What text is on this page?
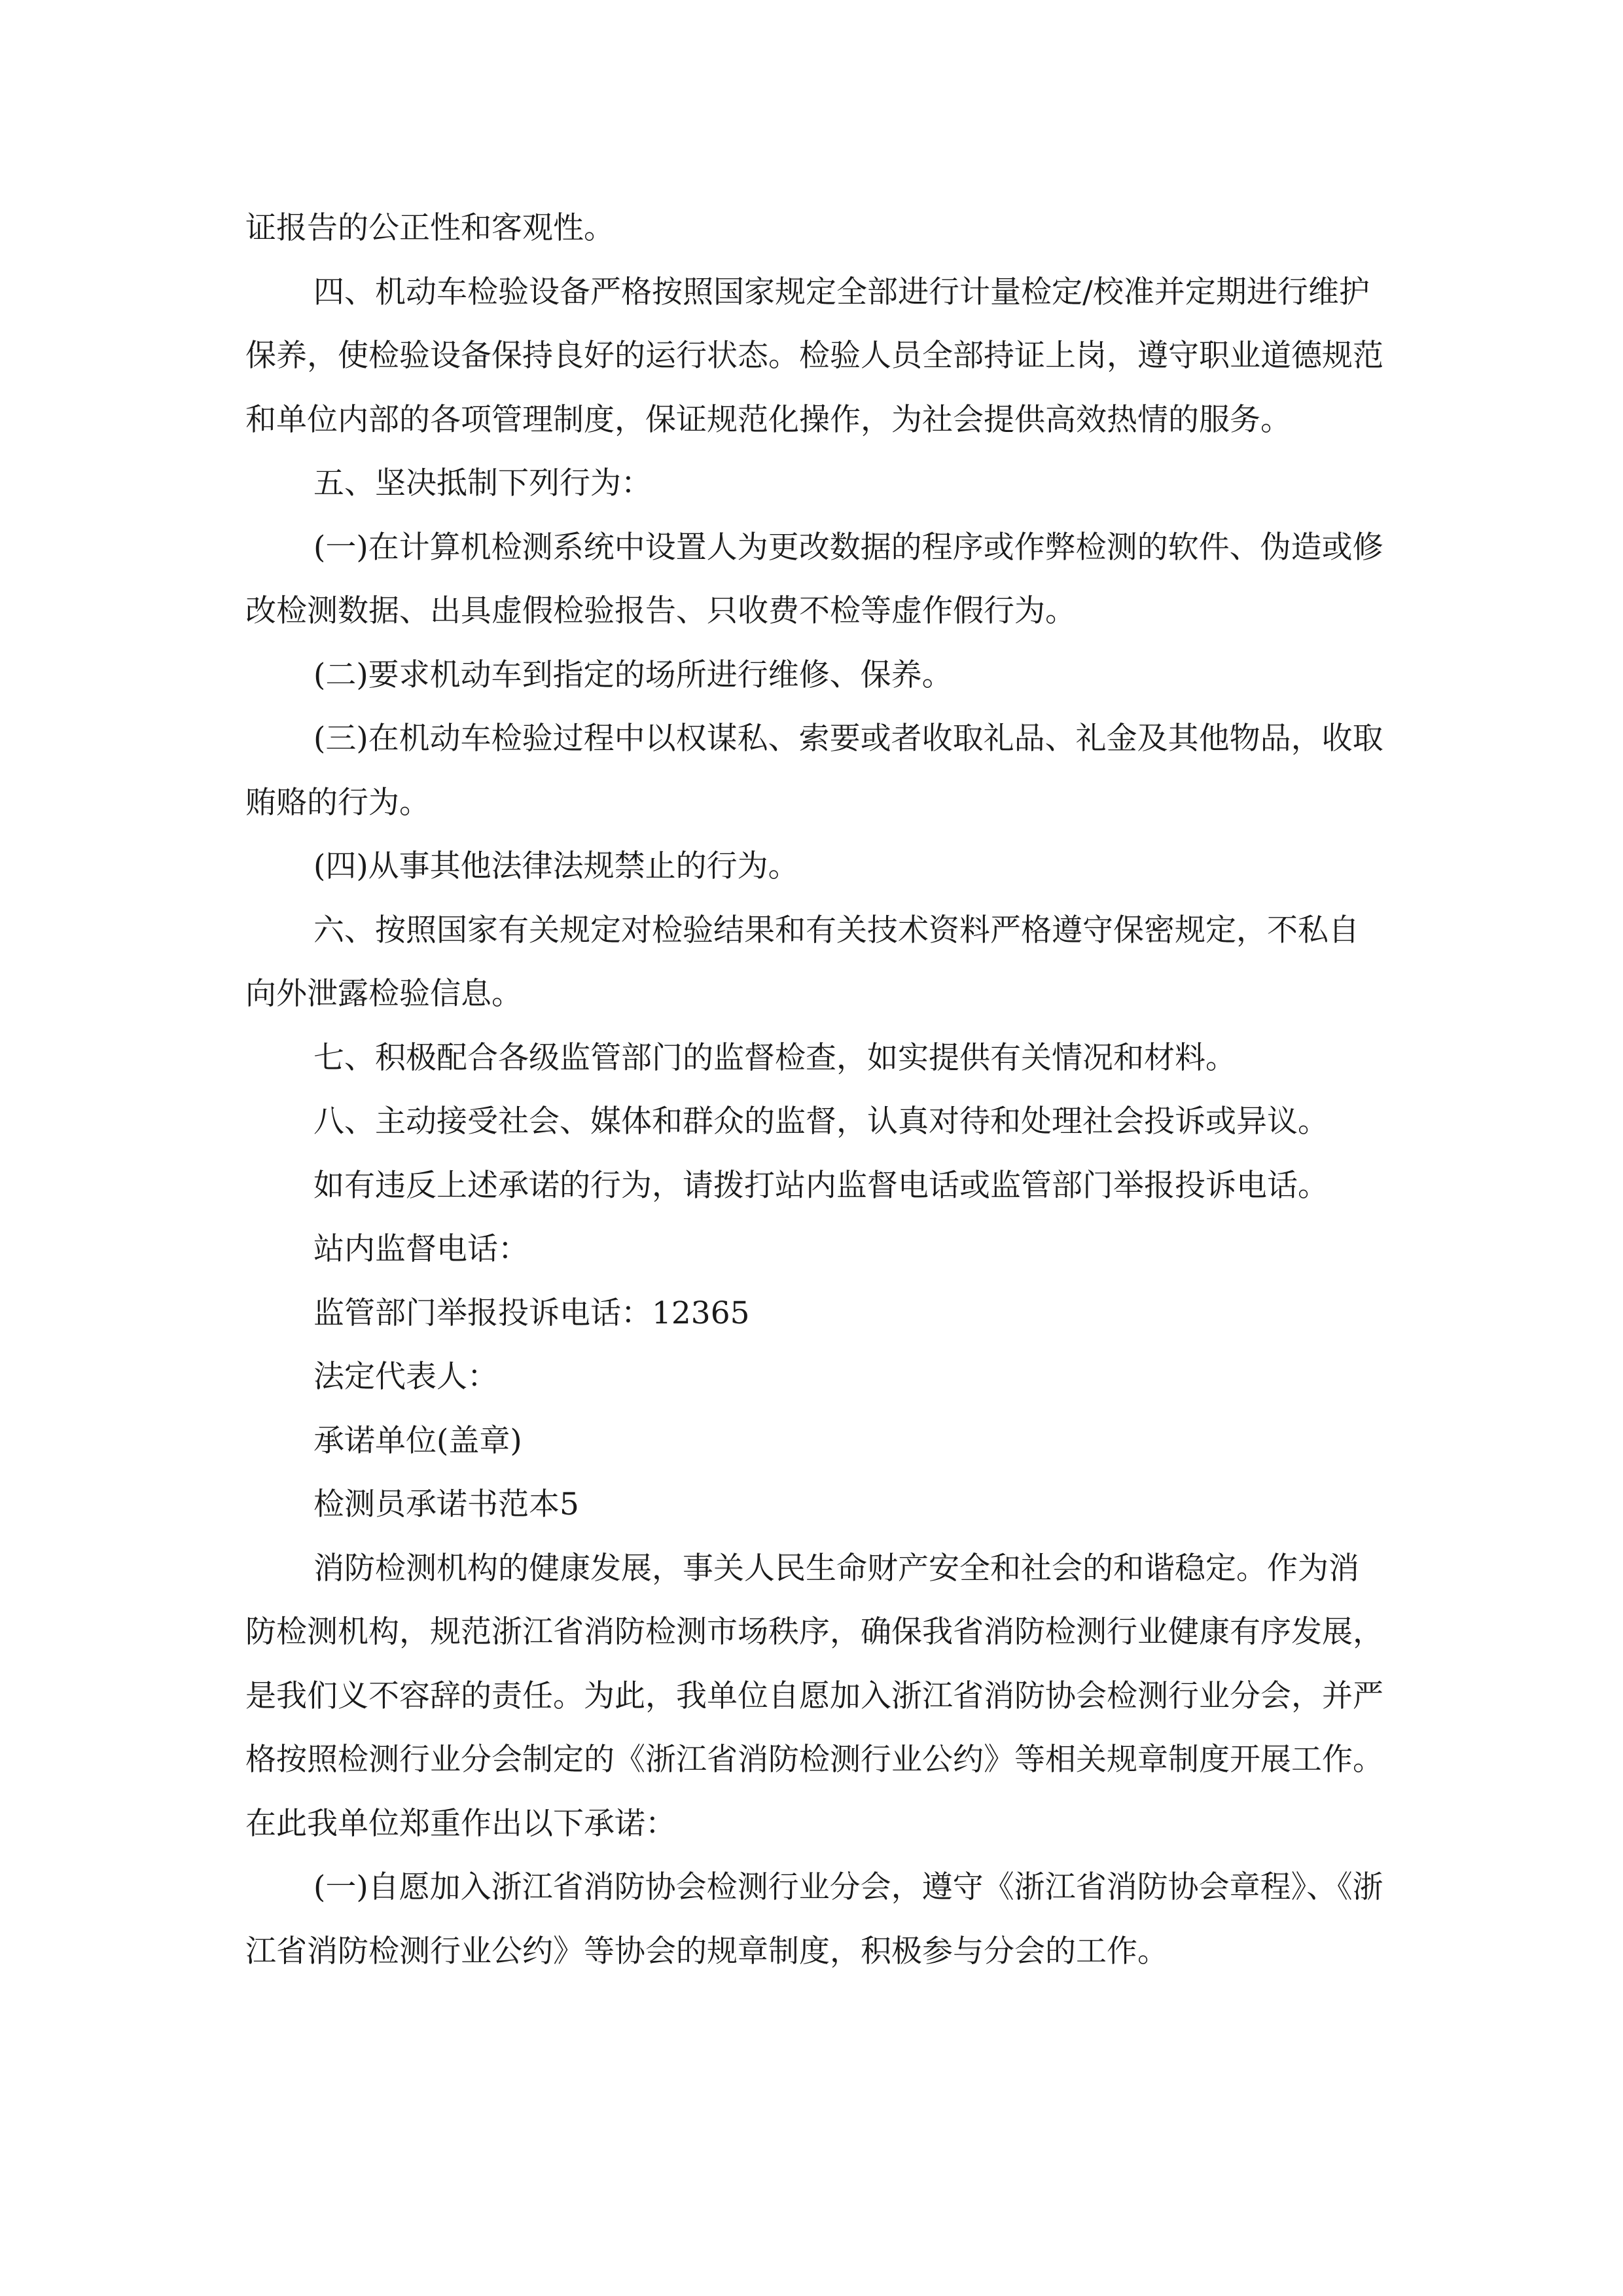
证报告的公正性和客观性。

四、机动车检验设备严格按照国家规定全部进行计量检定/校准并定期进行维护保养，使检验设备保持良好的运行状态。检验人员全部持证上岗，遵守职业道德规范和单位内部的各项管理制度，保证规范化操作，为社会提供高效热情的服务。

五、坚决抵制下列行为：

(一)在计算机检测系统中设置人为更改数据的程序或作弊检测的软件、伪造或修改检测数据、出具虚假检验报告、只收费不检等虚作假行为。

(二)要求机动车到指定的场所进行维修、保养。

(三)在机动车检验过程中以权谋私、索要或者收取礼品、礼金及其他物品，收取贿赂的行为。

(四)从事其他法律法规禁止的行为。

六、按照国家有关规定对检验结果和有关技术资料严格遵守保密规定，不私自向外泄露检验信息。

七、积极配合各级监管部门的监督检查，如实提供有关情况和材料。

八、主动接受社会、媒体和群众的监督，认真对待和处理社会投诉或异议。

如有违反上述承诺的行为，请拨打站内监督电话或监管部门举报投诉电话。

站内监督电话：

监管部门举报投诉电话：12365

法定代表人：

承诺单位(盖章)

检测员承诺书范本5

消防检测机构的健康发展，事关人民生命财产安全和社会的和谐稳定。作为消防检测机构，规范浙江省消防检测市场秩序，确保我省消防检测行业健康有序发展，是我们义不容辞的责任。为此，我单位自愿加入浙江省消防协会检测行业分会，并严格按照检测行业分会制定的《浙江省消防检测行业公约》等相关规章制度开展工作。在此我单位郑重作出以下承诺：

(一)自愿加入浙江省消防协会检测行业分会，遵守《浙江省消防协会章程》、《浙江省消防检测行业公约》等协会的规章制度，积极参与分会的工作。
